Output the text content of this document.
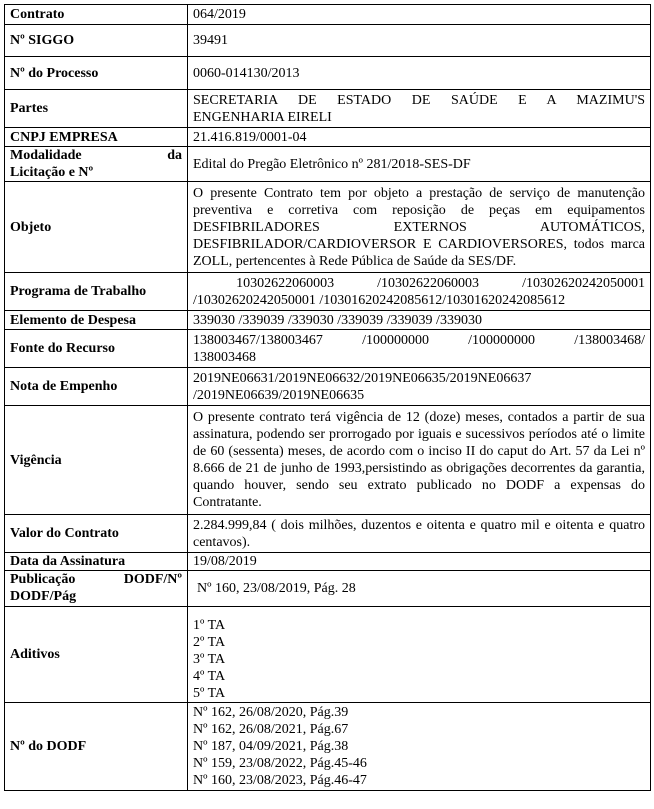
Contrato	064/2019
Nº SIGGO	39491
Nº do Processo	0060-014130/2013
Partes	SECRETARIA DE ESTADO DE SAÚDE E A MAZIMU'S
ENGENHARIA EIRELI

CNPJ EMPRESA	21.416.819/0001-04

Modalidade da
Licitação e Nº	Edital do Pregão Eletrônico nº 281/2018-SES-DF
Objeto	O presente Contrato tem por objeto a prestação de serviço de manutenção preventiva e corretiva com reposição de peças em equipamentos DESFIBRILADORES EXTERNOS AUTOMÁTICOS, DESFIBRILADOR/CARDIOVERSOR E CARDIOVERSORES, todos marca ZOLL, pertencentes à Rede Pública de Saúde da SES/DF.
Programa de Trabalho	10302622060003 /10302622060003 /10302620242050001
/10302620242050001 /10301620242085612/10301620242085612

Elemento de Despesa	339030 /339039 /339030 /339039 /339039 /339030
Fonte do Recurso	138003467/138003467 /100000000 /100000000 /138003468/
138003468

Nota de Empenho	2019NE06631/2019NE06632/2019NE06635/2019NE06637
/2019NE06639/2019NE06635

Vigência	O presente contrato terá vigência de 12 (doze) meses, contados a partir de sua assinatura, podendo ser prorrogado por iguais e sucessivos períodos até o limite de 60 (sessenta) meses, de acordo com o inciso II do caput do Art. 57 da Lei nº 8.666 de 21 de junho de 1993,persistindo as obrigações decorrentes da garantia, quando houver, sendo seu extrato publicado no DODF a expensas do Contratante.
Valor do Contrato	2.284.999,84 ( dois milhões, duzentos e oitenta e quatro mil e oitenta e quatro centavos).
Data da Assinatura	19/08/2019

Publicação DODF/Nº
DODF/Pág	Nº 160, 23/08/2019, Pág. 28

Aditivos	1º TA
2º TA
3º TA
4º TA
5º TA

Nº do DODF	Nº 162, 26/08/2020, Pág.39
Nº 162, 26/08/2021, Pág.67
Nº 187, 04/09/2021, Pág.38
Nº 159, 23/08/2022, Pág.45-46
Nº 160, 23/08/2023, Pág.46-47
